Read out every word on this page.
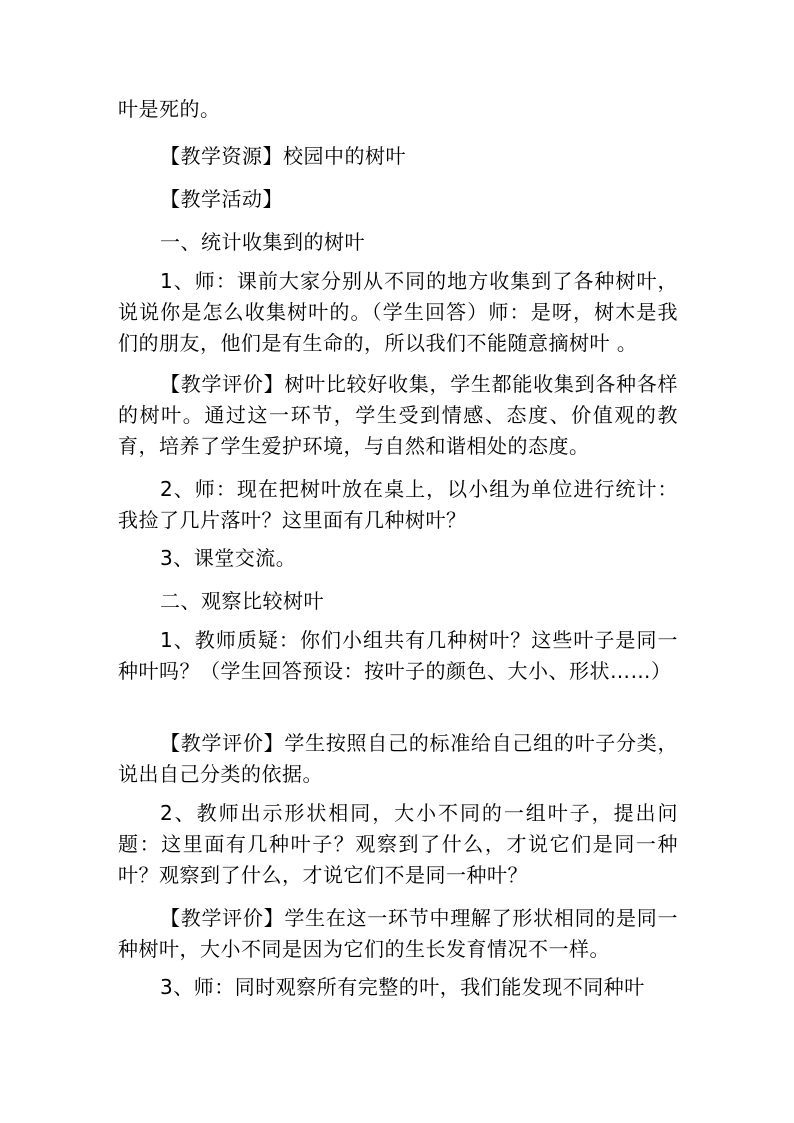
叶是死的。

【教学资源】校园中的树叶

【教学活动】

一、统计收集到的树叶

1、师：课前大家分别从不同的地方收集到了各种树叶，说说你是怎么收集树叶的。（学生回答）师：是呀，树木是我们的朋友，他们是有生命的，所以我们不能随意摘树叶 。

【教学评价】树叶比较好收集，学生都能收集到各种各样的树叶。通过这一环节，学生受到情感、态度、价值观的教育，培养了学生爱护环境，与自然和谐相处的态度。

2、师：现在把树叶放在桌上，以小组为单位进行统计：我捡了几片落叶？这里面有几种树叶？

3、课堂交流。

二、观察比较树叶

1、教师质疑：你们小组共有几种树叶？这些叶子是同一种叶吗？（学生回答预设：按叶子的颜色、大小、形状……）

【教学评价】学生按照自己的标准给自己组的叶子分类，说出自己分类的依据。

2、教师出示形状相同，大小不同的一组叶子，提出问题：这里面有几种叶子？观察到了什么，才说它们是同一种叶？观察到了什么，才说它们不是同一种叶？

【教学评价】学生在这一环节中理解了形状相同的是同一种树叶，大小不同是因为它们的生长发育情况不一样。

3、师：同时观察所有完整的叶，我们能发现不同种叶
